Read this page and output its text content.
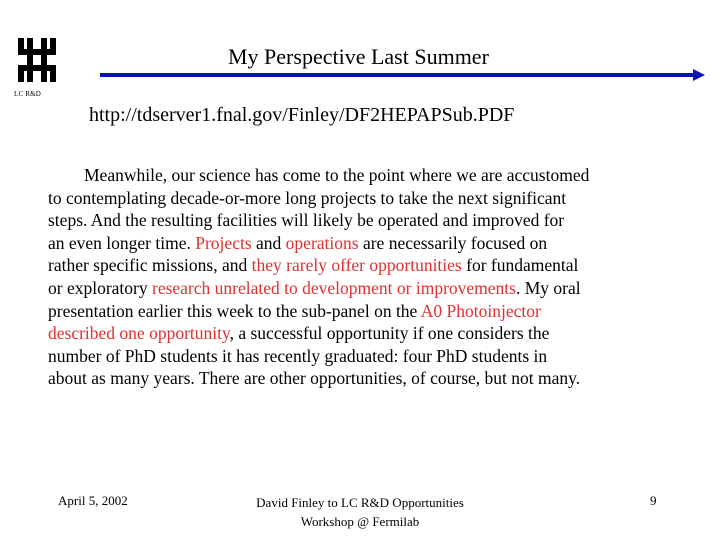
LC R&D
My Perspective Last Summer
http://tdserver1.fnal.gov/Finley/DF2HEPAPSub.PDF
Meanwhile, our science has come to the point where we are accustomed
to contemplating decade-or-more long projects to take the next significant
steps. And the resulting facilities will likely be operated and improved for
an even longer time. Projects and operations are necessarily focused on
rather specific missions, and they rarely offer opportunities for fundamental
or exploratory research unrelated to development or improvements. My oral
presentation earlier this week to the sub-panel on the A0 Photoinjector
described one opportunity, a successful opportunity if one considers the
number of PhD students it has recently graduated: four PhD students in
about as many years. There are other opportunities, of course, but not many.
April 5, 2002	David Finley to LC R&D Opportunities
Workshop @ Fermilab
9
